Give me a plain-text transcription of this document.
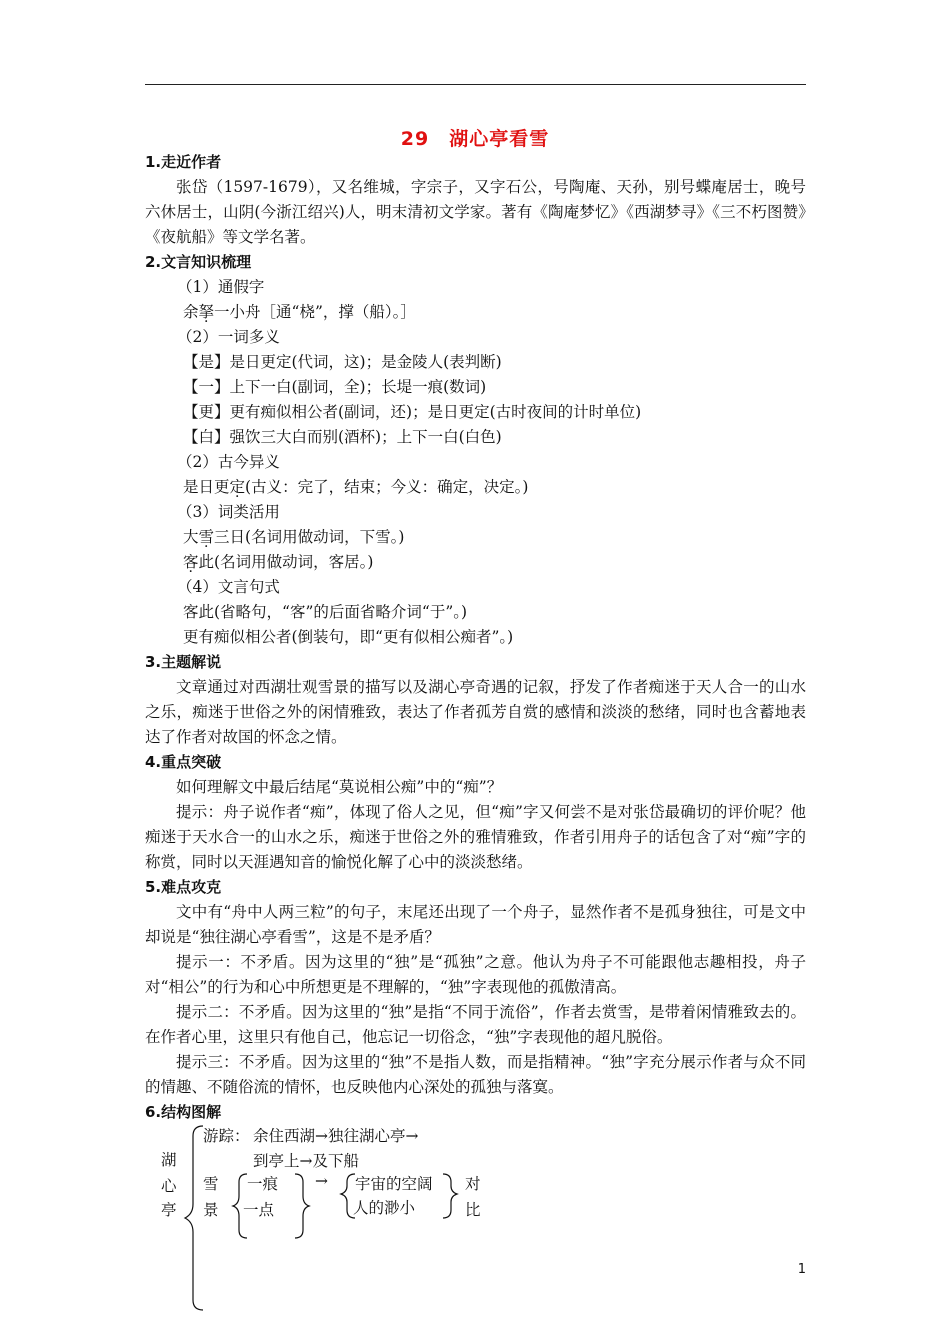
29　湖心亭看雪

1.走近作者

张岱（1597-1679），又名维城，字宗子，又字石公，号陶庵、天孙，别号蝶庵居士，晚号六休居士，山阴(今浙江绍兴)人，明末清初文学家。著有《陶庵梦忆》《西湖梦寻》《三不朽图赞》《夜航船》等文学名著。

2.文言知识梳理

（1）通假字

余拏一小舟［通“桡”，撑（船）。］

（2）一词多义

【是】是日更定(代词，这)；是金陵人(表判断)

【一】上下一白(副词，全)；长堤一痕(数词)

【更】更有痴似相公者(副词，还)；是日更定(古时夜间的计时单位)

【白】强饮三大白而别(酒杯)；上下一白(白色)

（2）古今异义

是日更定(古义：完了，结束；今义：确定，决定。)

（3）词类活用

大雪三日(名词用做动词，下雪。)

客此(名词用做动词，客居。)

（4）文言句式

客此(省略句，“客”的后面省略介词“于”。)

更有痴似相公者(倒装句，即“更有似相公痴者”。)

3.主题解说

文章通过对西湖壮观雪景的描写以及湖心亭奇遇的记叙，抒发了作者痴迷于天人合一的山水之乐，痴迷于世俗之外的闲情雅致，表达了作者孤芳自赏的感情和淡淡的愁绪，同时也含蓄地表达了作者对故国的怀念之情。

4.重点突破

如何理解文中最后结尾“莫说相公痴”中的“痴”？

提示：舟子说作者“痴”，体现了俗人之见，但“痴”字又何尝不是对张岱最确切的评价呢？他痴迷于天水合一的山水之乐，痴迷于世俗之外的雅情雅致，作者引用舟子的话包含了对“痴”字的称赏，同时以天涯遇知音的愉悦化解了心中的淡淡愁绪。

5.难点攻克

文中有“舟中人两三粒”的句子，末尾还出现了一个舟子，显然作者不是孤身独往，可是文中却说是“独往湖心亭看雪”，这是不是矛盾？

提示一：不矛盾。因为这里的“独”是“孤独”之意。他认为舟子不可能跟他志趣相投，舟子对“相公”的行为和心中所想更是不理解的，“独”字表现他的孤傲清高。

提示二：不矛盾。因为这里的“独”是指“不同于流俗”，作者去赏雪，是带着闲情雅致去的。在作者心里，这里只有他自己，他忘记一切俗念，“独”字表现他的超凡脱俗。

提示三：不矛盾。因为这里的“独”不是指人数，而是指精神。“独”字充分展示作者与众不同的情趣、不随俗流的情怀，也反映他内心深处的孤独与落寞。

6.结构图解

湖
心
亭
游踪： 余住西湖→独往湖心亭→
到亭上→及下船
雪
景
一痕
一点
→ 宇宙的空阔
人的渺小
对
比
1
